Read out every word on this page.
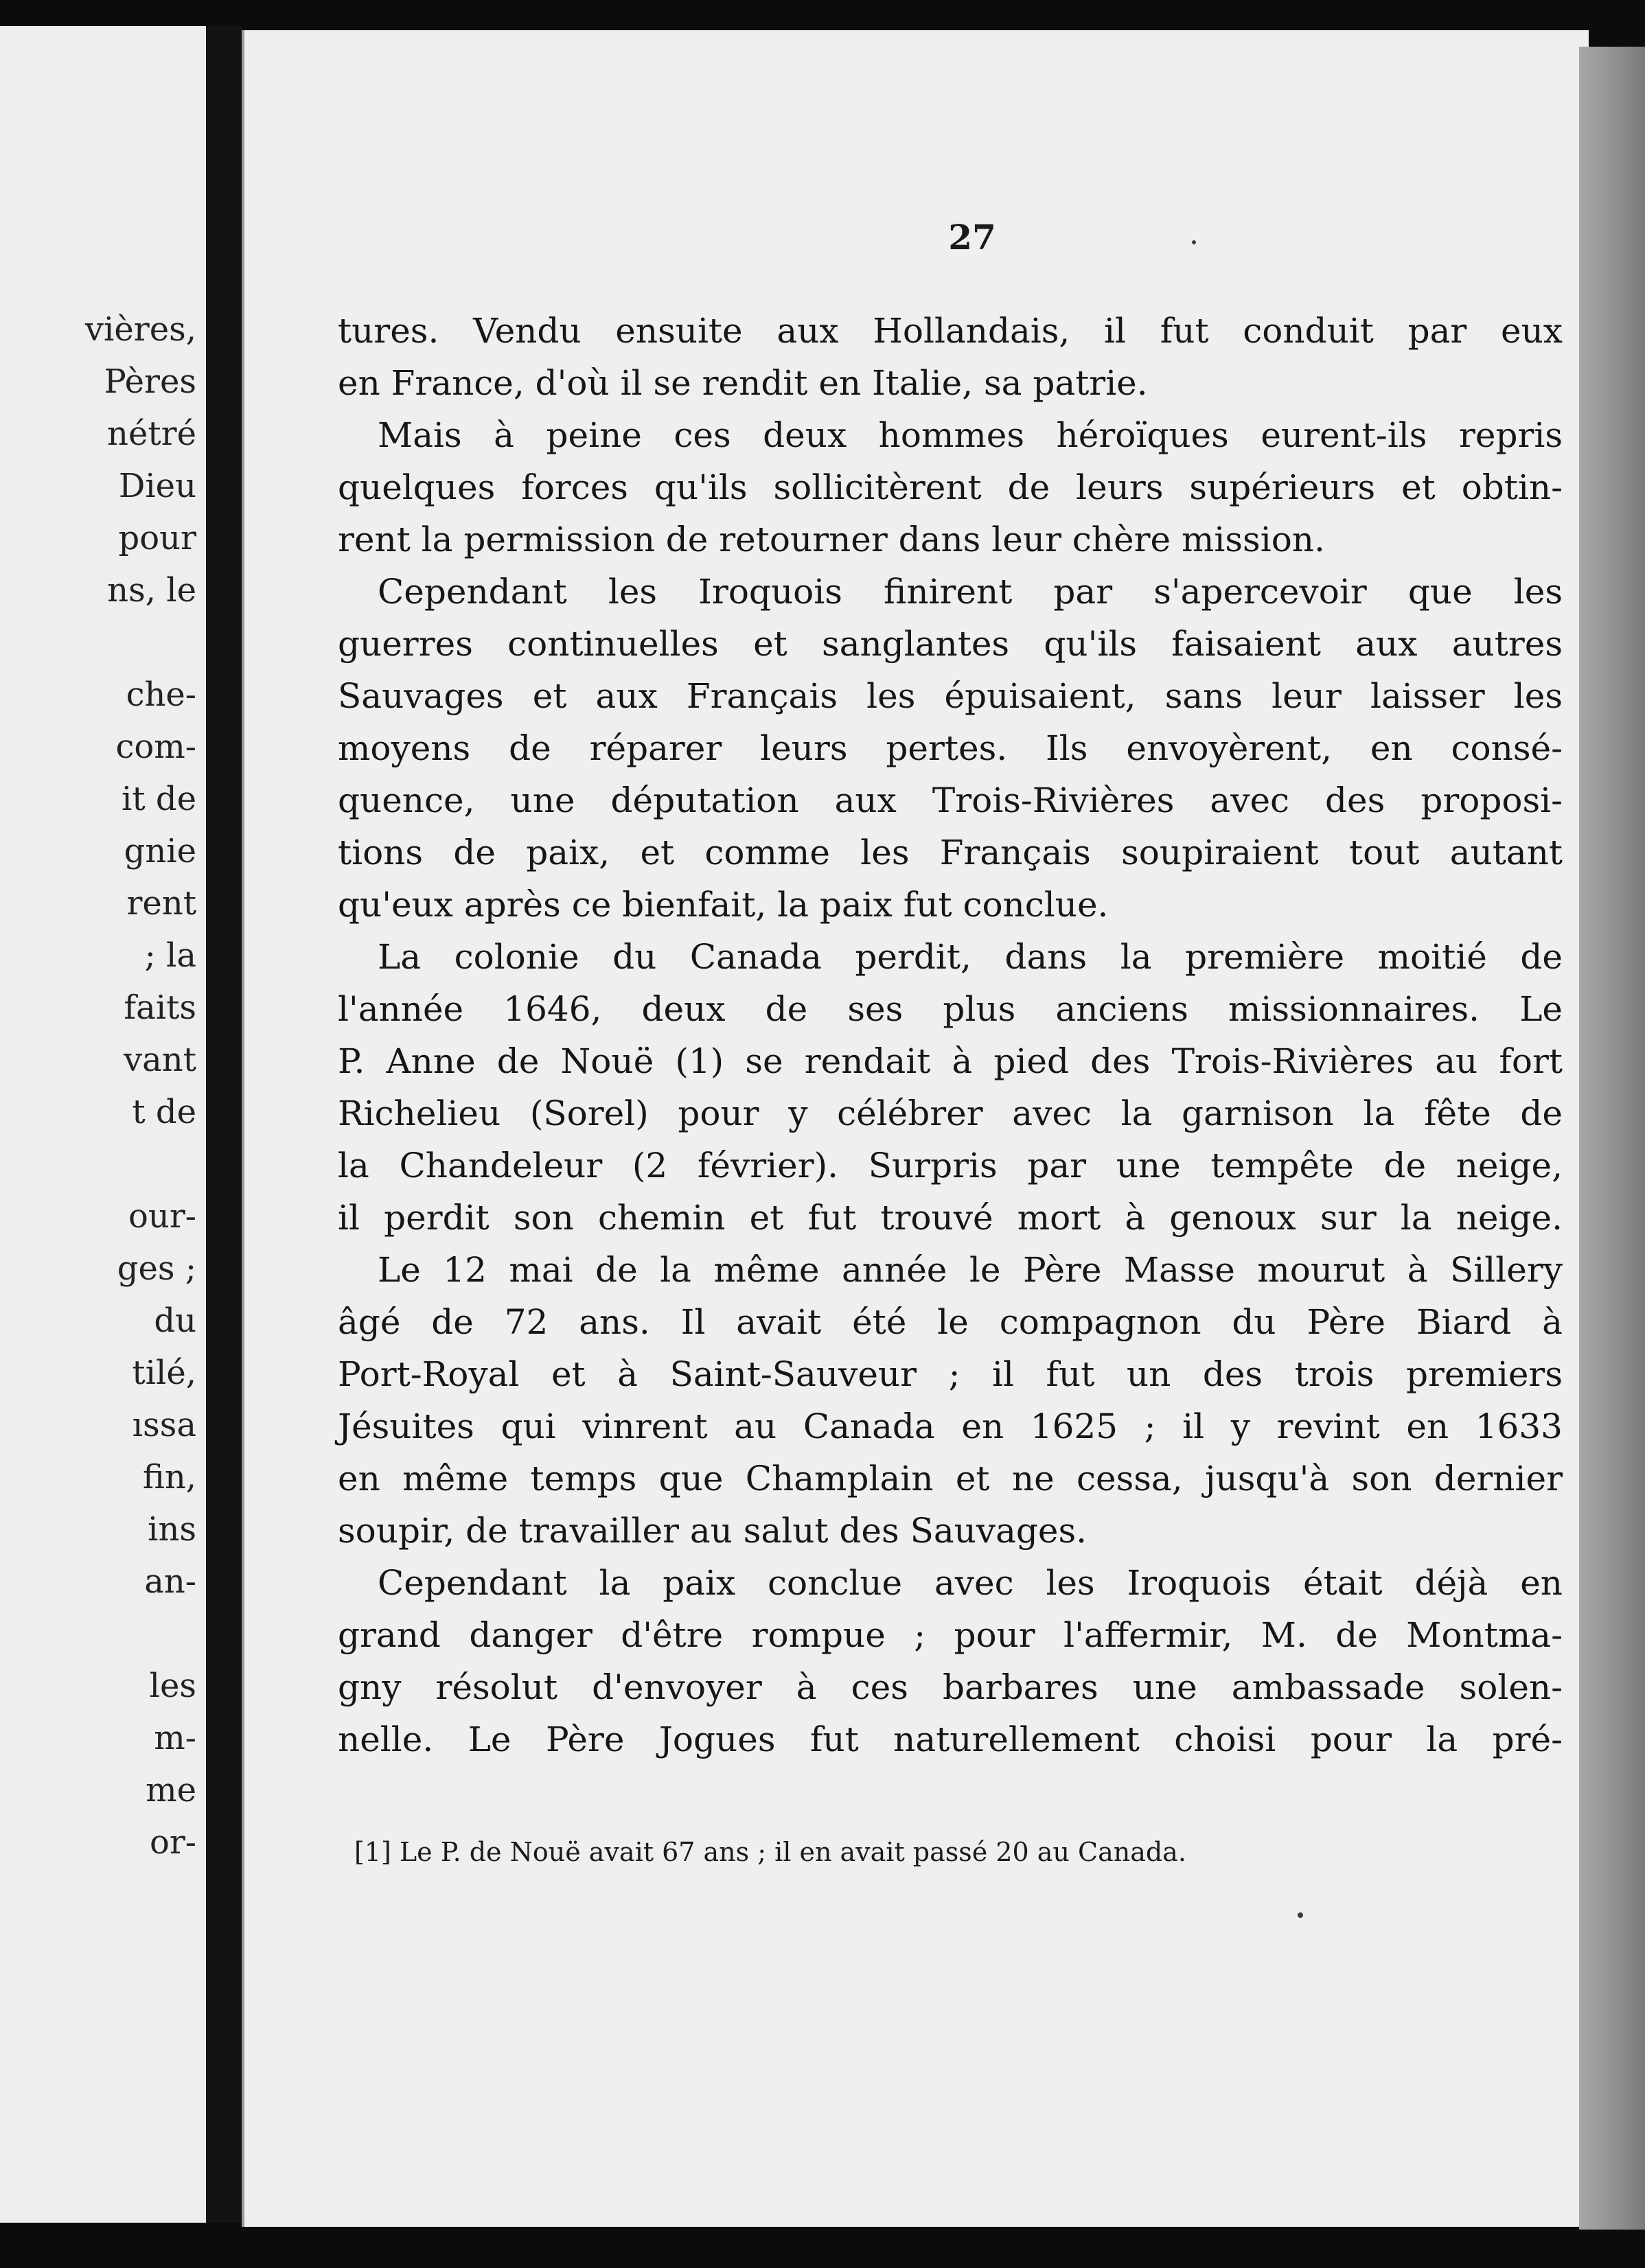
vières,
Pères
nétré
Dieu
pour
ns, le
che-
com-
it de
gnie
rent
; la
faits
vant
t de
our-
ges ;
du
tilé,
ıssa
fin,
ins
an-
les
m-
me
or-
27
tures. Vendu ensuite aux Hollandais, il fut conduit par eux
en France, d'où il se rendit en Italie, sa patrie.
Mais à peine ces deux hommes héroïques eurent-ils repris
quelques forces qu'ils sollicitèrent de leurs supérieurs et obtin-
rent la permission de retourner dans leur chère mission.
Cependant les Iroquois finirent par s'apercevoir que les
guerres continuelles et sanglantes qu'ils faisaient aux autres
Sauvages et aux Français les épuisaient, sans leur laisser les
moyens de réparer leurs pertes. Ils envoyèrent, en consé-
quence, une députation aux Trois-Rivières avec des proposi-
tions de paix, et comme les Français soupiraient tout autant
qu'eux après ce bienfait, la paix fut conclue.
La colonie du Canada perdit, dans la première moitié de
l'année 1646, deux de ses plus anciens missionnaires. Le
P. Anne de Nouë (1) se rendait à pied des Trois-Rivières au fort
Richelieu (Sorel) pour y célébrer avec la garnison la fête de
la Chandeleur (2 février). Surpris par une tempête de neige,
il perdit son chemin et fut trouvé mort à genoux sur la neige.
Le 12 mai de la même année le Père Masse mourut à Sillery
âgé de 72 ans. Il avait été le compagnon du Père Biard à
Port-Royal et à Saint-Sauveur ; il fut un des trois premiers
Jésuites qui vinrent au Canada en 1625 ; il y revint en 1633
en même temps que Champlain et ne cessa, jusqu'à son dernier
soupir, de travailler au salut des Sauvages.
Cependant la paix conclue avec les Iroquois était déjà en
grand danger d'être rompue ; pour l'affermir, M. de Montma-
gny résolut d'envoyer à ces barbares une ambassade solen-
nelle. Le Père Jogues fut naturellement choisi pour la pré-
[1] Le P. de Nouë avait 67 ans ; il en avait passé 20 au Canada.
